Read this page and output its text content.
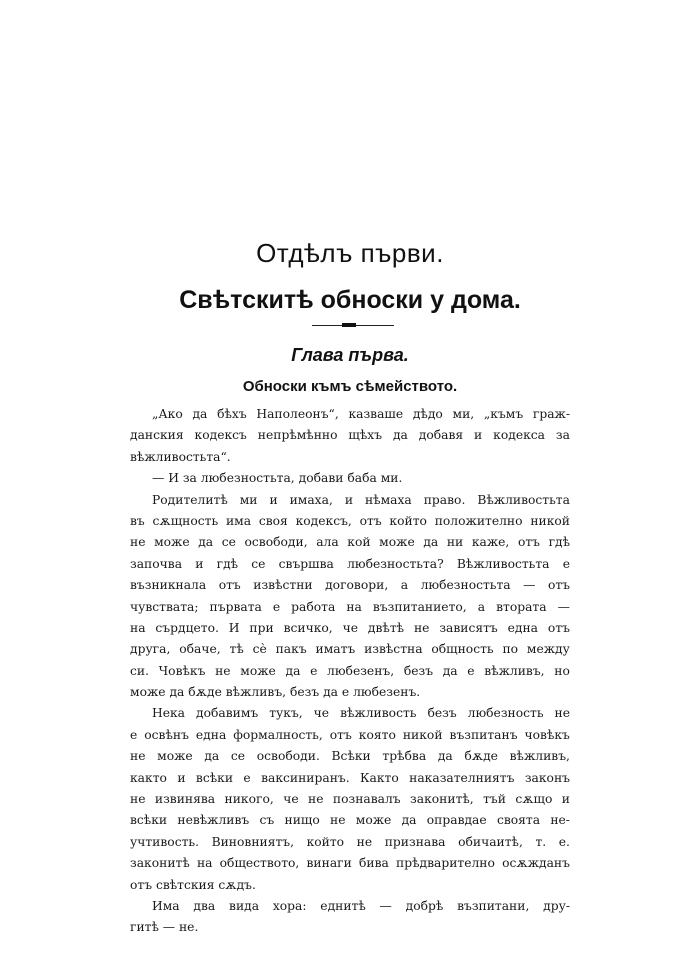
Отдѣлъ първи.
Свѣтскитѣ обноски у дома.
Глава първа.
Обноски къмъ сѣмейството.
„Ако да бѣхъ Наполеонъ“, казваше дѣдо ми, „къмъ граж-
данския кодексъ непрѣмѣнно щѣхъ да добавя и кодекса за
вѣжливостьта“.
— И за любезностьта, добави баба ми.
Родителитѣ ми и имаха, и нѣмаха право. Вѣжливостьта
въ сѫщность има своя кодексъ, отъ който положително никой
не може да се освободи, ала кой може да ни каже, отъ гдѣ
започва и гдѣ се свършва любезностьта? Вѣжливостьта е
възникнала отъ извѣстни договори, а любезностьта — отъ
чувствата; първата е работа на възпитанието, а втората —
на сърдцето. И при всичко, че двѣтѣ не зависятъ една отъ
друга, обаче, тѣ сѐ пакъ иматъ извѣстна общность по между
си. Човѣкъ не може да е любезенъ, безъ да е вѣжливъ, но
може да бѫде вѣжливъ, безъ да е любезенъ.
Нека добавимъ тукъ, че вѣжливость безъ любезность не
е освѣнъ една формалность, отъ която никой възпитанъ човѣкъ
не може да се освободи. Всѣки трѣбва да бѫде вѣжливъ,
както и всѣки е ваксиниранъ. Както наказателниятъ законъ
не извинява никого, че не познавалъ законитѣ, тъй сѫщо и
всѣки невѣжливъ съ нищо не може да оправдае своята не-
учтивость. Виновниятъ, който не признава обичаитѣ, т. е.
законитѣ на обществото, винаги бива прѣдварително осѫжданъ
отъ свѣтския сѫдъ.
Има два вида хора: еднитѣ — добрѣ възпитани, дру-
гитѣ — не.
